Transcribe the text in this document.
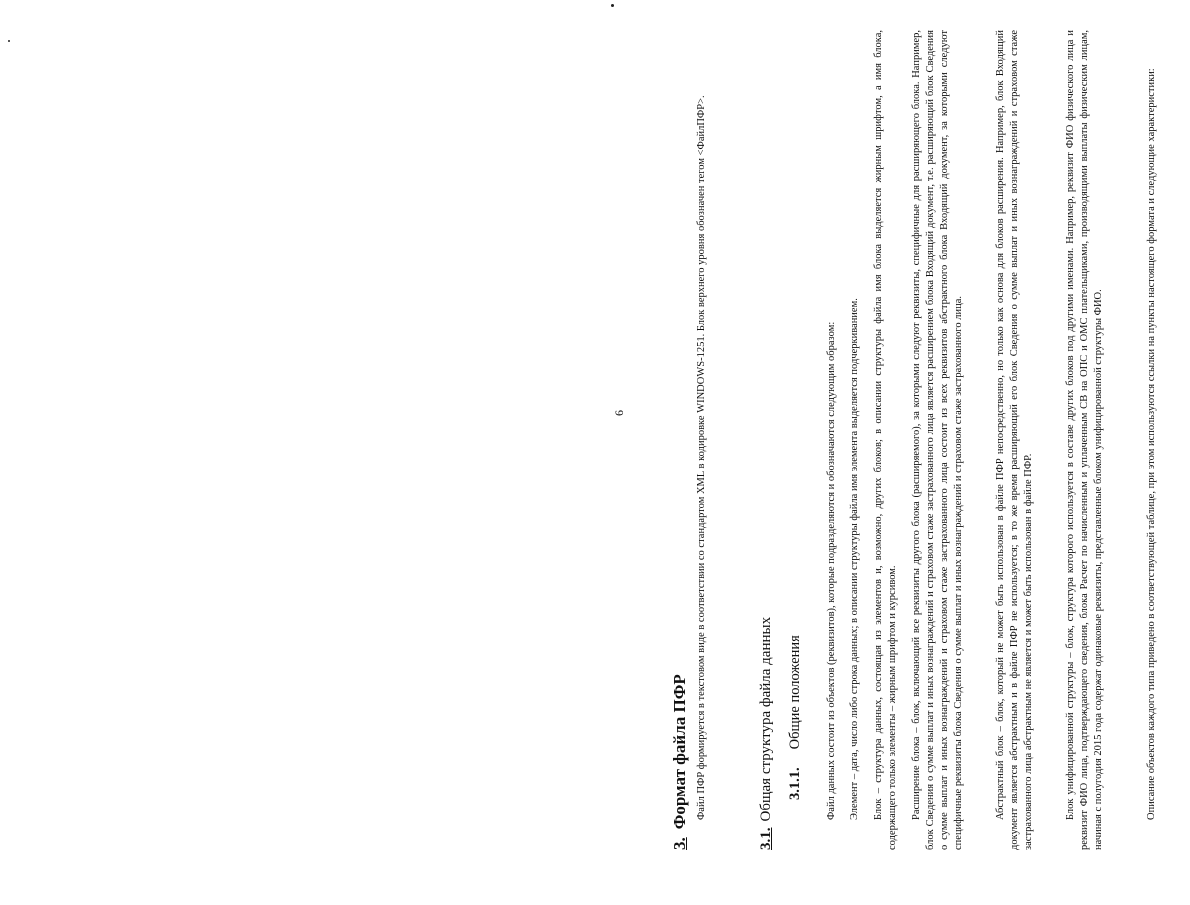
6
3.Формат файла ПФР Файл ПФР формируется в текстовом виде в соответствии со стандартом XML в кодировке WINDOWS-1251. Блок верхнего уровня обозначен тегом <ФайлПФР>.
3.1.Общая структура файла данных 3.1.1.Общие положения Файл данных состоит из объектов (реквизитов), которые подразделяются и обозначаются следующим образом: Элемент – дата, число либо строка данных; в описании структуры файла имя элемента выделяется подчеркиванием. Блок – структура данных, состоящая из элементов и, возможно, других блоков; в описании структуры файла имя блока выделяется жирным шрифтом, а имя блока, содержащего только элементы – жирным шрифтом и курсивом. Расширение блока – блок, включающий все реквизиты другого блока (расширяемого), за которыми следуют реквизиты, специфичные для расширяющего блока. Например, блок Сведения о сумме выплат и иных вознаграждений и страховом стаже застрахованного лица является расширением блока Входящий документ, т.е. расширяющий блок Сведения о сумме выплат и иных вознаграждений и страховом стаже застрахованного лица состоит из всех реквизитов абстрактного блока Входящий документ, за которыми следуют специфичные реквизиты блока Сведения о сумме выплат и иных вознаграждений и страховом стаже застрахованного лица.	Абстрактный блок – блок, который не может быть использован в файле ПФР непосредственно, но только как основа для блоков расширения. Например, блок Входящий документ является абстрактным и в файле ПФР не используется; в то же время расширяющий его блок Сведения о сумме выплат и иных вознаграждений и страховом стаже застрахованного лица абстрактным не является и может быть использован в файле ПФР.	Блок унифицированной структуры – блок, структура которого используется в составе других блоков под другими именами. Например, реквизит ФИО физического лица и реквизит ФИО лица, подтверждающего сведения, блока Расчет по начисленным и уплаченным СВ на ОПС и ОМС плательщиками, производящими выплаты физическим лицам, начиная с полугодия 2015 года содержат одинаковые реквизиты, представленные блоком унифицированной структуры ФИО.	Описание объектов каждого типа приведено в соответствующей таблице, при этом используются ссылки на пункты настоящего формата и следующие характеристики:
